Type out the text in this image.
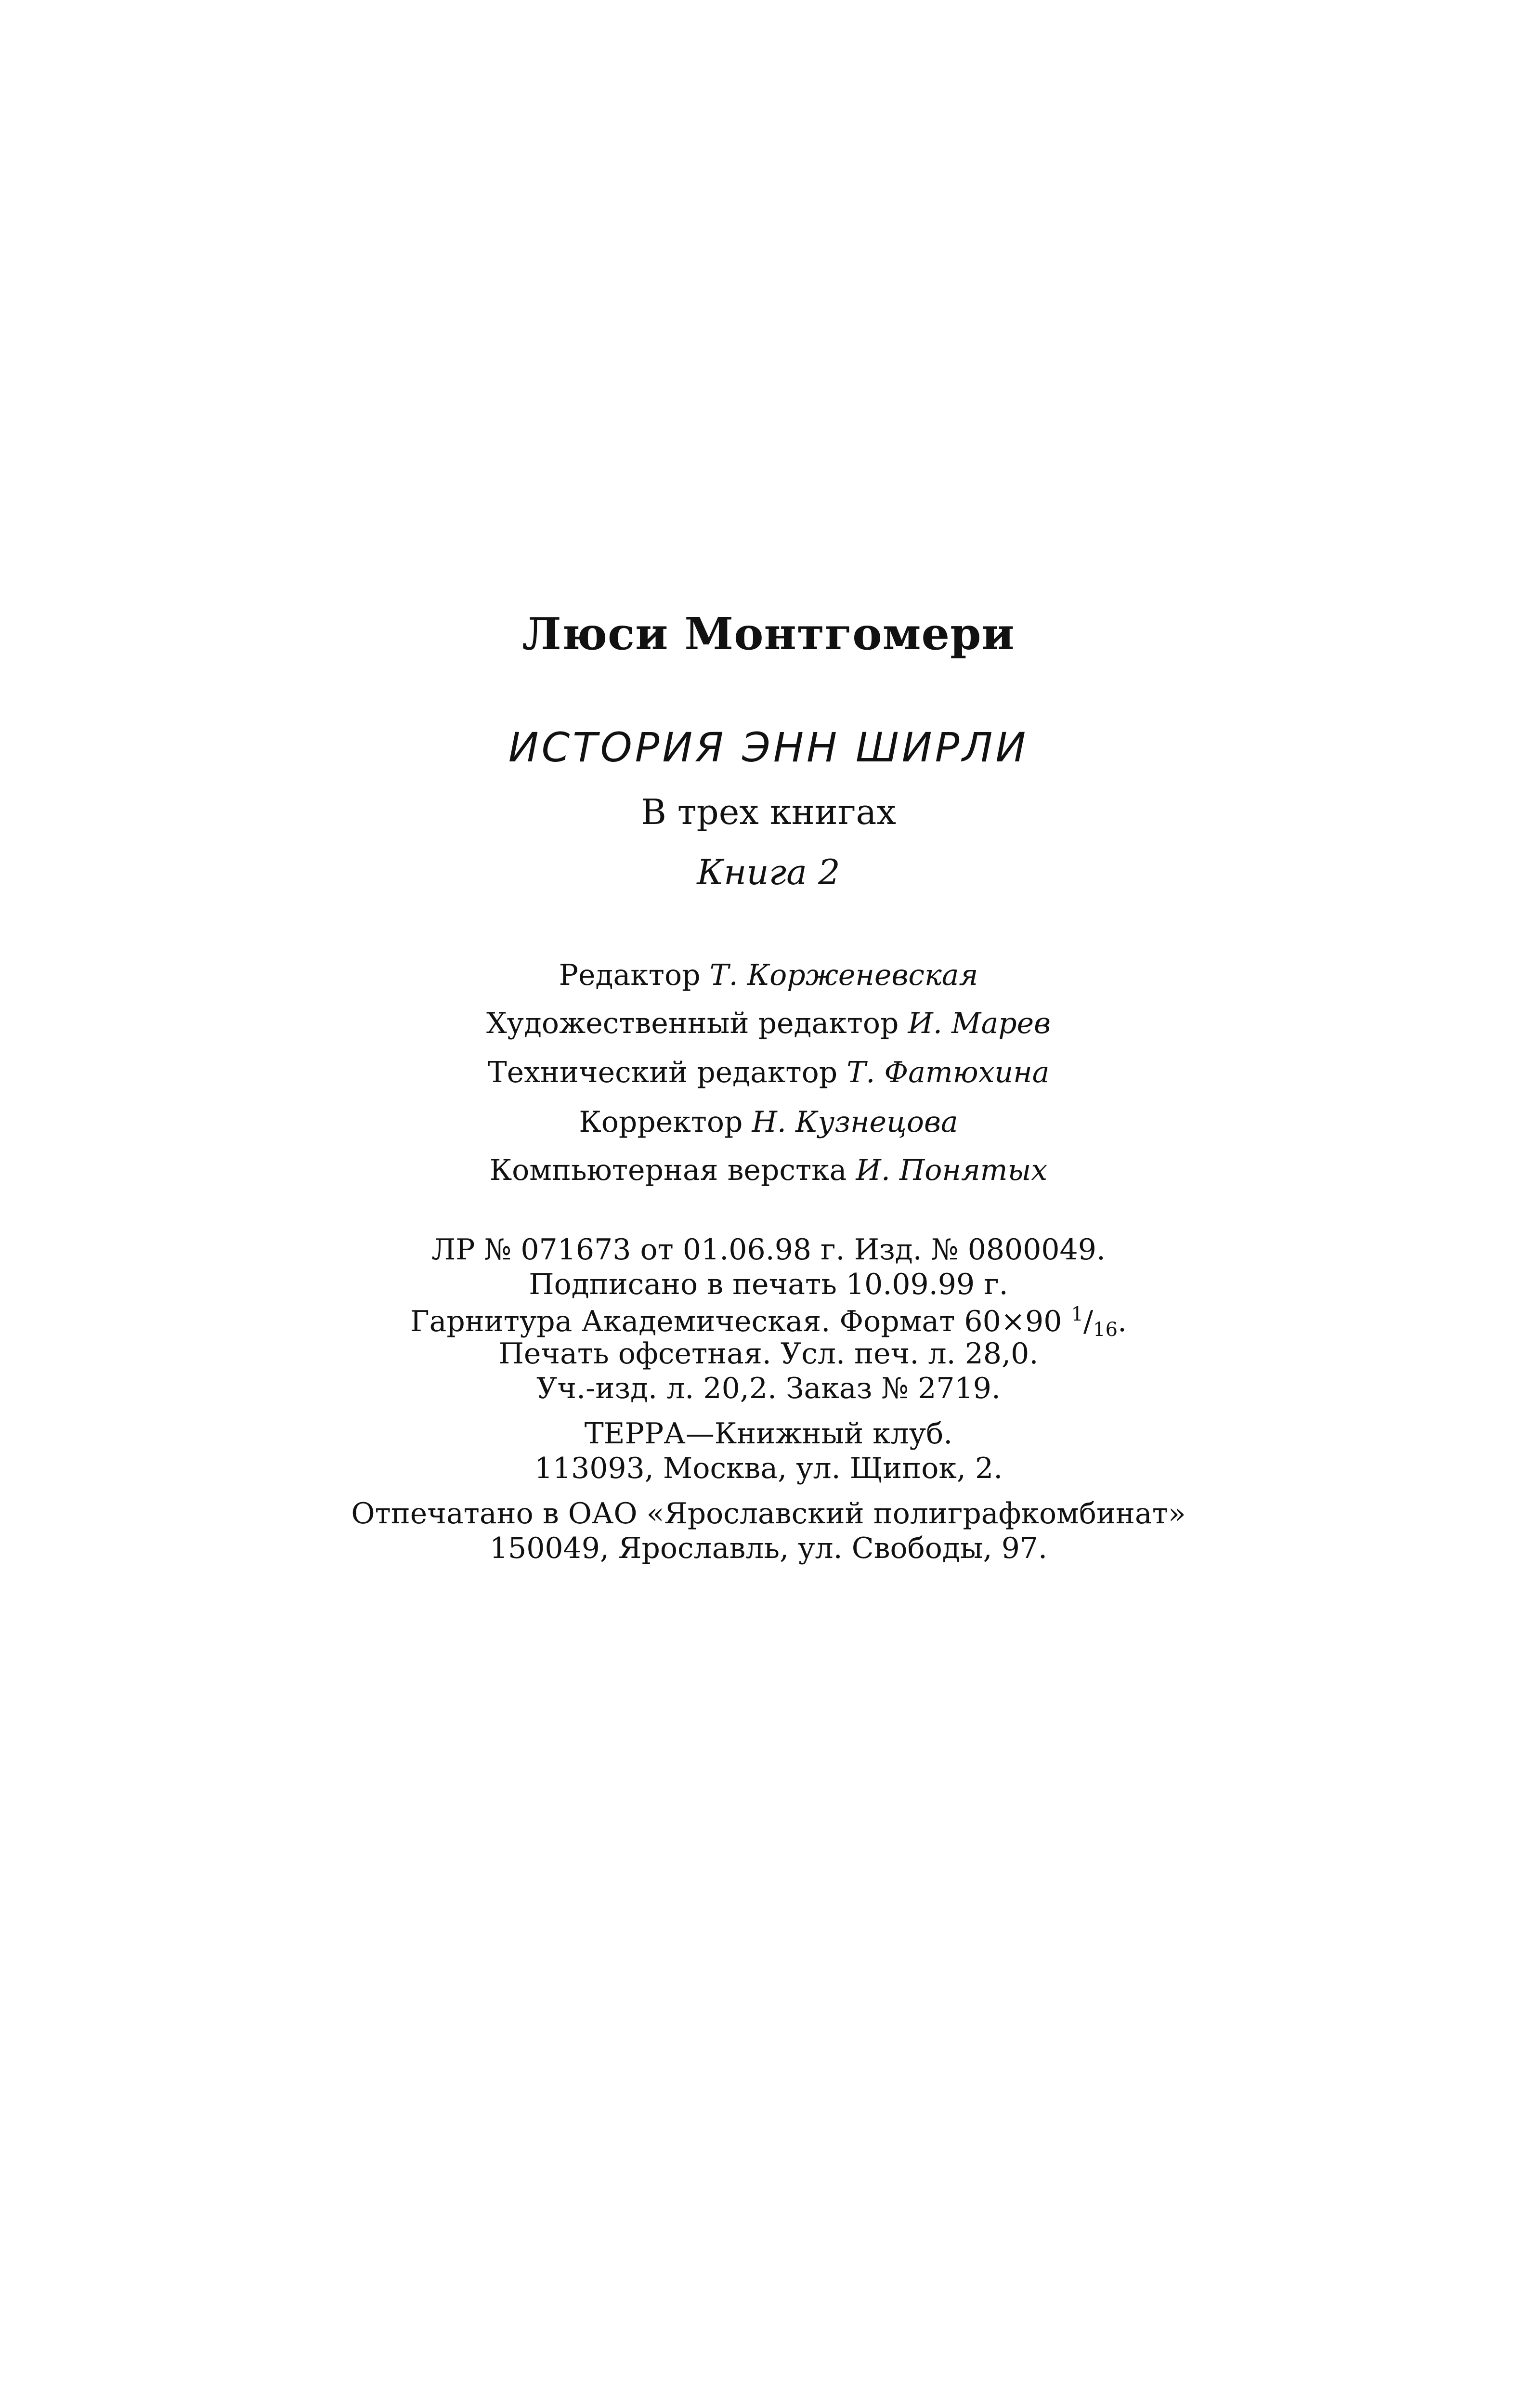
Люси Монтгомери
ИСТОРИЯ ЭНН ШИРЛИ
В трех книгах
Книга 2
Редактор Т. Корженевская
Художественный редактор И. Марев
Технический редактор Т. Фатюхина
Корректор Н. Кузнецова
Компьютерная верстка И. Понятых
ЛР № 071673 от 01.06.98 г. Изд. № 0800049.
Подписано в печать 10.09.99 г.
Гарнитура Академическая. Формат 60×90 $^1/_{16}$.
Печать офсетная. Усл. печ. л. 28,0.
Уч.-изд. л. 20,2. Заказ № 2719.
ТЕРРА—Книжный клуб.
113093, Москва, ул. Щипок, 2.
Отпечатано в ОАО «Ярославский полиграфкомбинат»
150049, Ярославль, ул. Свободы, 97.
